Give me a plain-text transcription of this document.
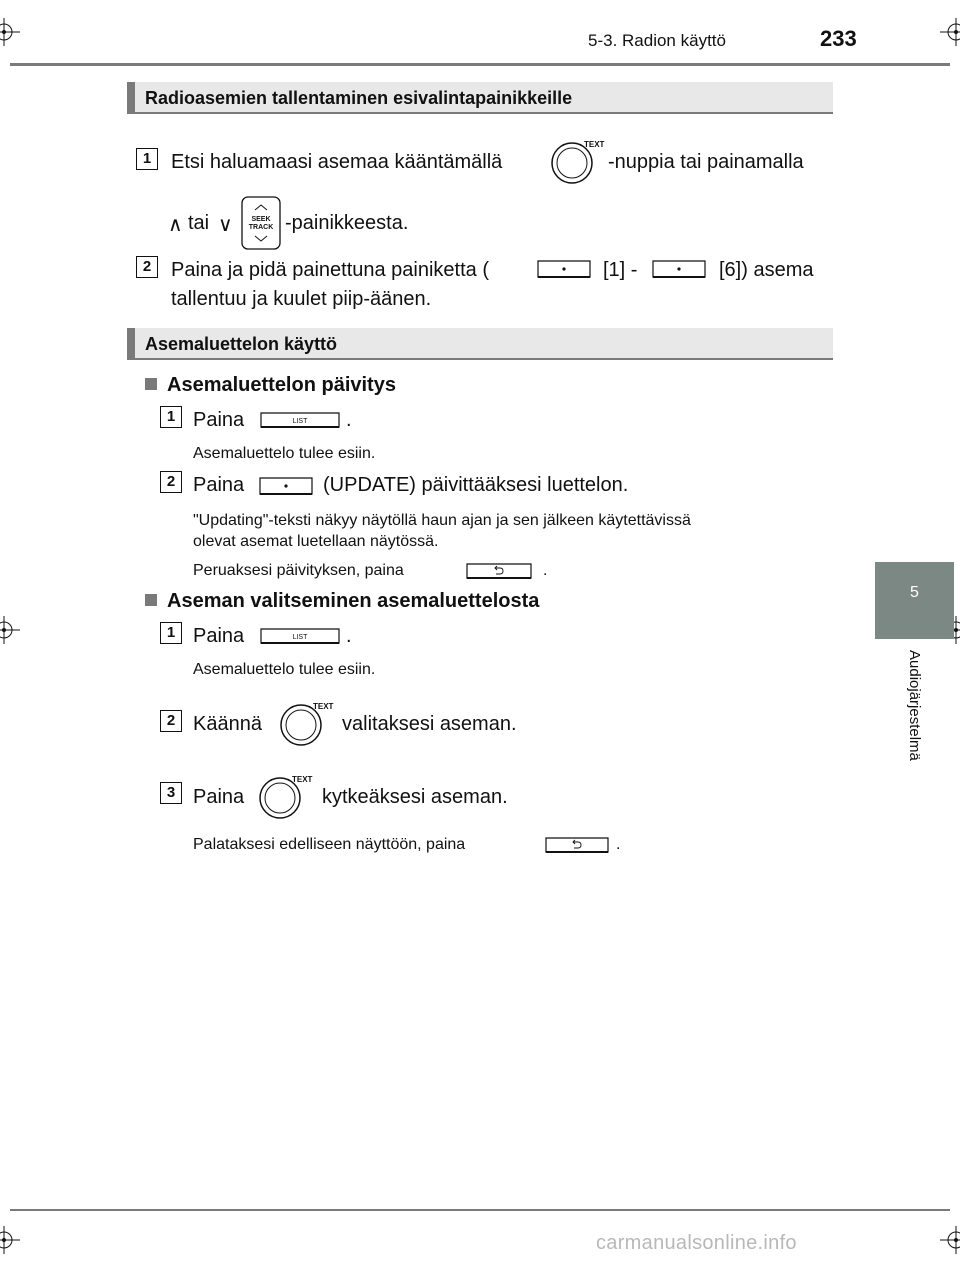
5-3. Radion käyttö	233
5
Audiojärjestelmä
Radioasemien tallentaminen esivalintapainikkeille
1 Etsi haluamaasi asemaa kääntämällä
TEXT
-nuppia tai painamalla
∧ tai ∨	SEEK
TRACK -painikkeesta.
2 Paina ja pidä painettuna painiketta (	[1] -	[6]) asema
tallentuu ja kuulet piip-äänen.
Asemaluettelon käyttö
Asemaluettelon päivitys
1 Paina	LIST .
Asemaluettelo tulee esiin.
2 Paina	(UPDATE) päivittääksesi luettelon.
"Updating"-teksti näkyy näytöllä haun ajan ja sen jälkeen käytettävissä
olevat asemat luetellaan näytössä.
Peruaksesi päivityksen, paina	.
Aseman valitseminen asemaluettelosta
1 Paina	LIST .
Asemaluettelo tulee esiin.
2 Käännä
TEXT
valitaksesi aseman.
3 Paina
TEXT
kytkeäksesi aseman.
Palataksesi edelliseen näyttöön, paina	.
carmanualsonline.info
